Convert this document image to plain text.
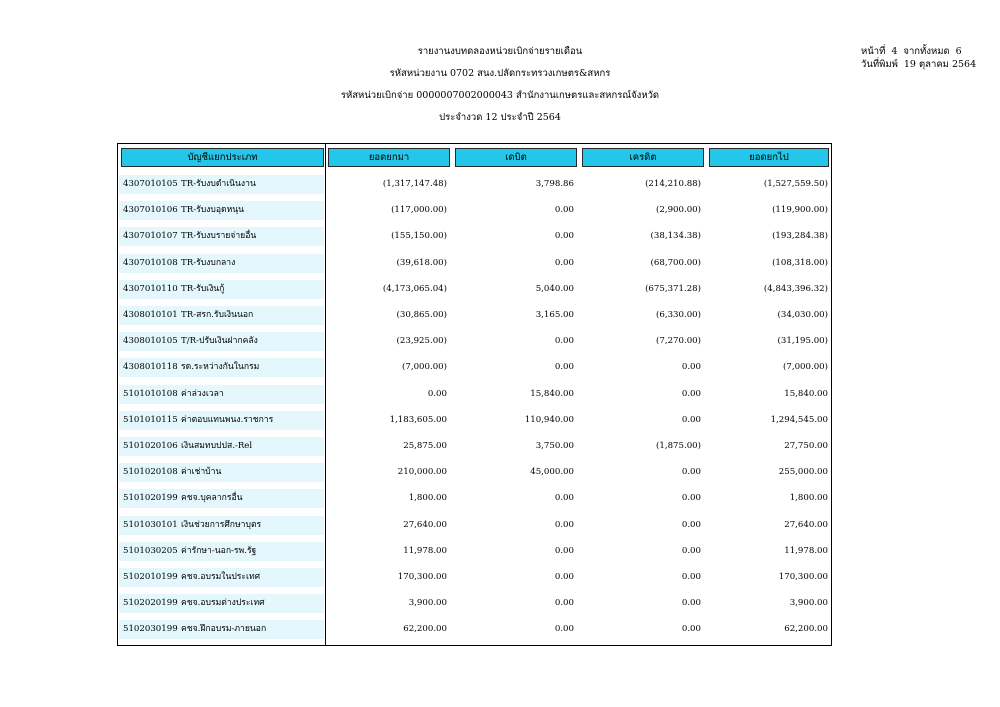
รายงานงบทดลองหน่วยเบิกจ่ายรายเดือน
รหัสหน่วยงาน 0702 สนง.ปลัดกระทรวงเกษตร&สหกร
รหัสหน่วยเบิกจ่าย 0000007002000043 สำนักงานเกษตรและสหกรณ์จังหวัด
ประจำงวด 12 ประจำปี 2564
หน้าที่ 4 จากทั้งหมด 6
วันที่พิมพ์ 19 ตุลาคม 2564
บัญชีแยกประเภท	ยอดยกมา	เดบิต	เครดิต	ยอดยกไป
4307010105 TR-รับงบดำเนินงาน	(1,317,147.48)	3,798.86	(214,210.88)	(1,527,559.50)
4307010106 TR-รับงบอุดหนุน	(117,000.00)	0.00	(2,900.00)	(119,900.00)
4307010107 TR-รับงบรายจ่ายอื่น	(155,150.00)	0.00	(38,134.38)	(193,284.38)
4307010108 TR-รับงบกลาง	(39,618.00)	0.00	(68,700.00)	(108,318.00)
4307010110 TR-รับเงินกู้	(4,173,065.04)	5,040.00	(675,371.28)	(4,843,396.32)
4308010101 TR-สรก.รับเงินนอก	(30,865.00)	3,165.00	(6,330.00)	(34,030.00)
4308010105 T/R-ปรับเงินฝากคลัง	(23,925.00)	0.00	(7,270.00)	(31,195.00)
4308010118 รด.ระหว่างกันในกรม	(7,000.00)	0.00	0.00	(7,000.00)
5101010108 ค่าล่วงเวลา	0.00	15,840.00	0.00	15,840.00
5101010115 ค่าตอบแทนพนง.ราชการ	1,183,605.00	110,940.00	0.00	1,294,545.00
5101020106 เงินสมทบปปส.-Rel	25,875.00	3,750.00	(1,875.00)	27,750.00
5101020108 ค่าเช่าบ้าน	210,000.00	45,000.00	0.00	255,000.00
5101020199 คชจ.บุคลากรอื่น	1,800.00	0.00	0.00	1,800.00
5101030101 เงินช่วยการศึกษาบุตร	27,640.00	0.00	0.00	27,640.00
5101030205 ค่ารักษา-นอก-รพ.รัฐ	11,978.00	0.00	0.00	11,978.00
5102010199 คชจ.อบรมในประเทศ	170,300.00	0.00	0.00	170,300.00
5102020199 คชจ.อบรมต่างประเทศ	3,900.00	0.00	0.00	3,900.00
5102030199 คชจ.ฝึกอบรม-ภายนอก	62,200.00	0.00	0.00	62,200.00
